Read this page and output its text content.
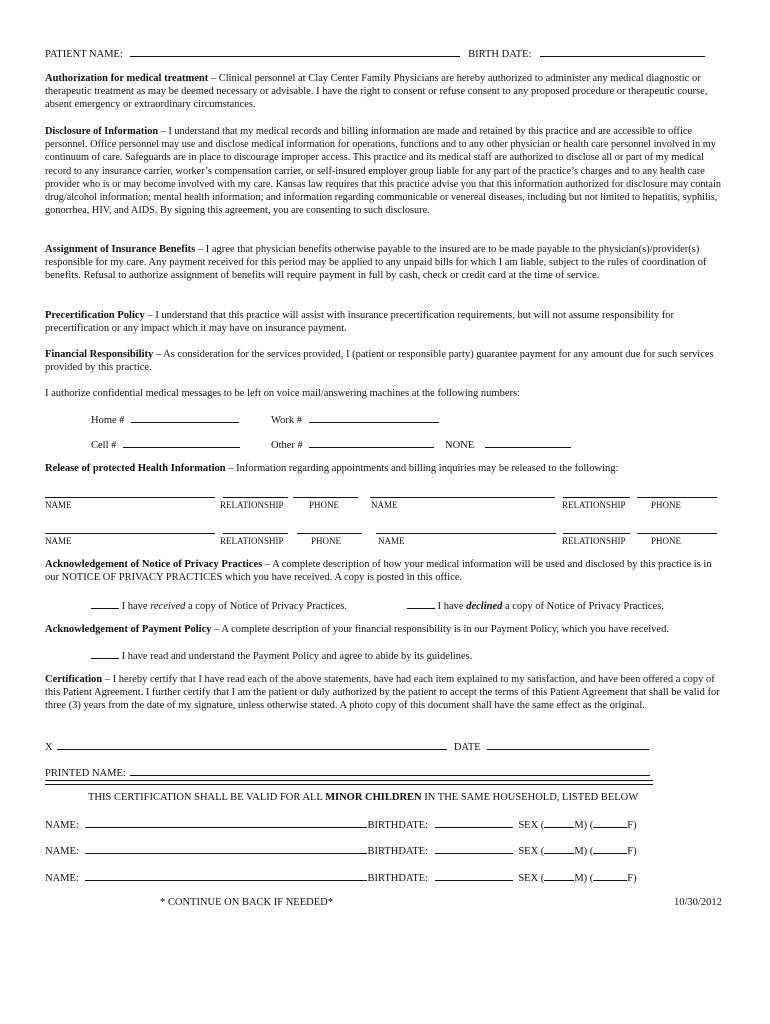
PATIENT NAME:	BIRTH DATE:
Authorization for medical treatment – Clinical personnel at Clay Center Family Physicians are hereby authorized to administer any medical diagnostic or therapeutic treatment as may be deemed necessary or advisable. I have the right to consent or refuse consent to any proposed procedure or therapeutic course, absent emergency or extraordinary circumstances.
Disclosure of Information – I understand that my medical records and billing information are made and retained by this practice and are accessible to office personnel. Office personnel may use and disclose medical information for operations, functions and to any other physician or health care personnel involved in my continuum of care. Safeguards are in place to discourage improper access. This practice and its medical staff are authorized to disclose all or part of my medical record to any insurance carrier, worker’s compensation carrier, or self-insured employer group liable for any part of the practice’s charges and to any health care provider who is or may become involved with my care. Kansas law requires that this practice advise you that this information authorized for disclosure may contain drug/alcohol information; mental health information; and information regarding communicable or venereal diseases, including but not limited to hepatitis, syphilis, gonorrhea, HIV, and AIDS. By signing this agreement, you are consenting to such disclosure.
Assignment of Insurance Benefits – I agree that physician benefits otherwise payable to the insured are to be made payable to the physician(s)/provider(s) responsible for my care. Any payment received for this period may be applied to any unpaid bills for which I am liable, subject to the rules of coordination of benefits. Refusal to authorize assignment of benefits will require payment in full by cash, check or credit card at the time of service.
Precertification Policy – I understand that this practice will assist with insurance precertification requirements, but will not assume responsibility for precertification or any impact which it may have on insurance payment.
Financial Responsibility – As consideration for the services provided, I (patient or responsible party) guarantee payment for any amount due for such services provided by this practice.
I authorize confidential medical messages to be left on voice mail/answering machines at the following numbers:
Home #	Work #
Cell #	Other #	NONE
Release of protected Health Information – Information regarding appointments and billing inquiries may be released to the following:
NAME	RELATIONSHIP	PHONE	NAME	RELATIONSHIP	PHONE
NAME	RELATIONSHIP	PHONE	NAME	RELATIONSHIP	PHONE
Acknowledgement of Notice of Privacy Practices – A complete description of how your medical information will be used and disclosed by this practice is in our NOTICE OF PRIVACY PRACTICES which you have received. A copy is posted in this office.
I have received a copy of Notice of Privacy Practices.	I have declined a copy of Notice of Privacy Practices.
Acknowledgement of Payment Policy – A complete description of your financial responsibility is in our Payment Policy, which you have received.
I have read and understand the Payment Policy and agree to abide by its guidelines.
Certification – I hereby certify that I have read each of the above statements, have had each item explained to my satisfaction, and have been offered a copy of this Patient Agreement. I further certify that I am the patient or duly authorized by the patient to accept the terms of this Patient Agreement that shall be valid for three (3) years from the date of my signature, unless otherwise stated. A photo copy of this document shall have the same effect as the original.
X	DATE
PRINTED NAME:
THIS CERTIFICATION SHALL BE VALID FOR ALL MINOR CHILDREN IN THE SAME HOUSEHOLD, LISTED BELOW
NAME:	BIRTHDATE:	SEX (	M) (	F)
NAME:	BIRTHDATE:	SEX (	M) (	F)
NAME:	BIRTHDATE:	SEX (	M) (	F)
* CONTINUE ON BACK IF NEEDED*	10/30/2012
